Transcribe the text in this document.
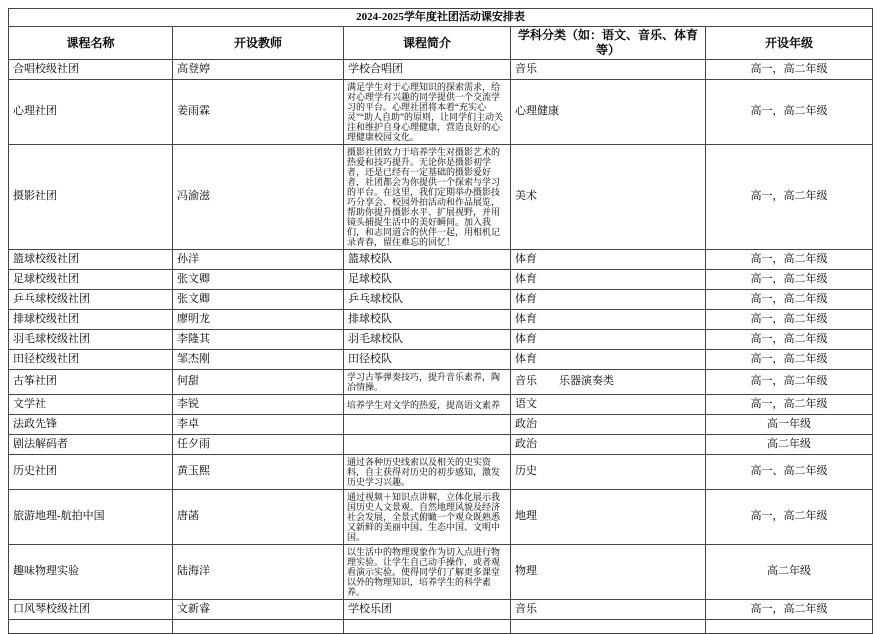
2024-2025学年度社团活动课安排表				
课程名称	开设教师	课程简介	学科分类（如：语文、音乐、体育等）	开设年级
合唱校级社团	高登婷	学校合唱团	音乐	高一，高二年级
心理社团	姜雨霖	满足学生对于心理知识的探索需求，给对心理学有兴趣的同学提供一个交流学习的平台。心理社团将本着“充实心灵”“助人自助”的原则，让同学们主动关注和维护自身心理健康，营造良好的心理健康校园文化。	心理健康	高一，高二年级
摄影社团	冯渝滋	摄影社团致力于培养学生对摄影艺术的热爱和技巧提升。无论你是摄影初学者，还是已经有一定基础的摄影爱好者，社团都会为你提供一个探索与学习的平台。在这里，我们定期举办摄影技巧分享会、校园外拍活动和作品展览，帮助你提升摄影水平、扩展视野，并用镜头捕捉生活中的美好瞬间。加入我们，和志同道合的伙伴一起，用相机记录青春，留住难忘的回忆！	美术	高一，高二年级
篮球校级社团	孙洋	篮球校队	体育	高一，高二年级
足球校级社团	张文卿	足球校队	体育	高一，高二年级
乒乓球校级社团	张文卿	乒乓球校队	体育	高一，高二年级
排球校级社团	廖明龙	排球校队	体育	高一，高二年级
羽毛球校级社团	李隆其	羽毛球校队	体育	高一，高二年级
田径校级社团	邹杰刚	田径校队	体育	高一，高二年级
古筝社团	何甜	学习古筝弹奏技巧，提升音乐素养，陶冶情操。	音乐　　乐器演奏类	高一，高二年级
文学社	李锐	培养学生对文学的热爱，提高语文素养	语文	高一，高二年级
法政先锋	李卓		政治	高一年级
剧法解码者	任夕雨		政治	高二年级
历史社团	黄玉熙	通过各种历史线索以及相关的史实资料，自主获得对历史的初步感知，激发历史学习兴趣。	历史	高一、高二年级
旅游地理-航拍中国	唐菡	通过视频＋知识点讲解，立体化展示我国历史人文景观、自然地理风貌及经济社会发展，全景式俯瞰一个观众既熟悉又新鲜的美丽中国、生态中国、文明中国。	地理	高一，高二年级
趣味物理实验	陆海洋	以生活中的物理现象作为切入点进行物理实验。让学生自己动手操作，或者观看演示实验。使得同学们了解更多课堂以外的物理知识，培养学生的科学素养。	物理	高二年级
口风琴校级社团	文新睿	学校乐团	音乐	高一，高二年级
